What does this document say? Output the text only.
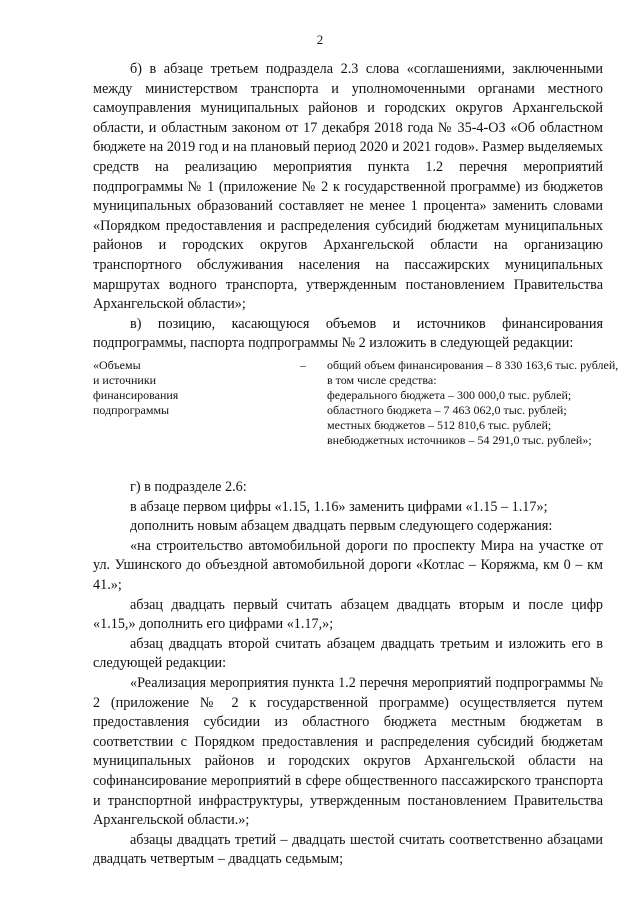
2

б) в абзаце третьем подраздела 2.3 слова «соглашениями, заключенными между министерством транспорта и уполномоченными органами местного самоуправления муниципальных районов и городских округов Архангельской области, и областным законом от 17 декабря 2018 года № 35-4-ОЗ «Об областном бюджете на 2019 год и на плановый период 2020 и 2021 годов». Размер выделяемых средств на реализацию мероприятия пункта 1.2 перечня мероприятий подпрограммы № 1 (приложение № 2 к государственной программе) из бюджетов муниципальных образований составляет не менее 1 процента» заменить словами «Порядком предоставления и распределения субсидий бюджетам муниципальных районов и городских округов Архангельской области на организацию транспортного обслуживания населения на пассажирских муниципальных маршрутах водного транспорта, утвержденным постановлением Правительства Архангельской области»;

в) позицию, касающуюся объемов и источников финансирования подпрограммы, паспорта подпрограммы № 2 изложить в следующей редакции:

«Объемы
и источники
финансирования
подпрограммы
– общий объем финансирования – 8 330 163,6 тыс. рублей,
в том числе средства:
федерального бюджета – 300 000,0 тыс. рублей;
областного бюджета – 7 463 062,0 тыс. рублей;
местных бюджетов – 512 810,6 тыс. рублей;
внебюджетных источников – 54 291,0 тыс. рублей»;

г) в подразделе 2.6:

в абзаце первом цифры «1.15, 1.16» заменить цифрами «1.15 – 1.17»;

дополнить новым абзацем двадцать первым следующего содержания:

«на строительство автомобильной дороги по проспекту Мира на участке от ул. Ушинского до объездной автомобильной дороги «Котлас – Коряжма, км 0 – км 41.»;

абзац двадцать первый считать абзацем двадцать вторым и после цифр «1.15,» дополнить его цифрами «1.17,»;

абзац двадцать второй считать абзацем двадцать третьим и изложить его в следующей редакции:

«Реализация мероприятия пункта 1.2 перечня мероприятий подпрограммы № 2 (приложение № 2 к государственной программе) осуществляется путем предоставления субсидии из областного бюджета местным бюджетам в соответствии с Порядком предоставления и распределения субсидий бюджетам муниципальных районов и городских округов Архангельской области на софинансирование мероприятий в сфере общественного пассажирского транспорта и транспортной инфраструктуры, утвержденным постановлением Правительства Архангельской области.»;

абзацы двадцать третий – двадцать шестой считать соответственно абзацами двадцать четвертым – двадцать седьмым;
